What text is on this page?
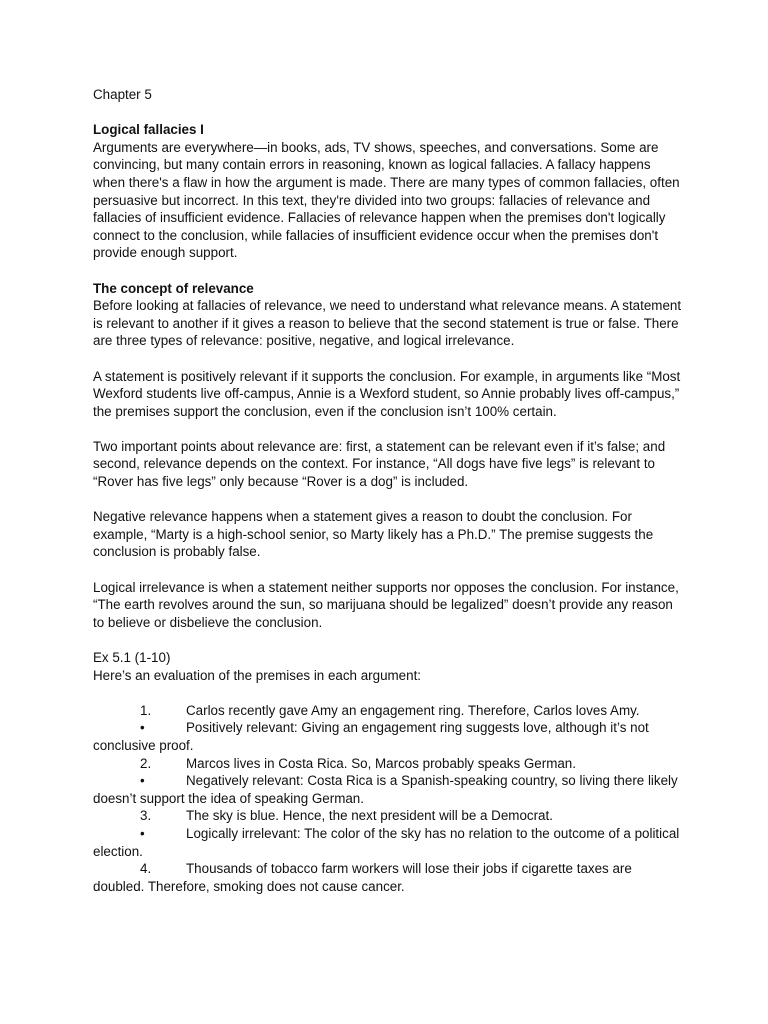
Chapter 5

Logical fallacies I

Arguments are everywhere—in books, ads, TV shows, speeches, and conversations. Some are convincing, but many contain errors in reasoning, known as logical fallacies. A fallacy happens when there's a flaw in how the argument is made. There are many types of common fallacies, often persuasive but incorrect. In this text, they're divided into two groups: fallacies of relevance and fallacies of insufficient evidence. Fallacies of relevance happen when the premises don't logically connect to the conclusion, while fallacies of insufficient evidence occur when the premises don't provide enough support.

The concept of relevance

Before looking at fallacies of relevance, we need to understand what relevance means. A statement is relevant to another if it gives a reason to believe that the second statement is true or false. There are three types of relevance: positive, negative, and logical irrelevance.

A statement is positively relevant if it supports the conclusion. For example, in arguments like “Most Wexford students live off-campus, Annie is a Wexford student, so Annie probably lives off-campus,” the premises support the conclusion, even if the conclusion isn’t 100% certain.

Two important points about relevance are: first, a statement can be relevant even if it’s false; and second, relevance depends on the context. For instance, “All dogs have five legs” is relevant to “Rover has five legs” only because “Rover is a dog” is included.

Negative relevance happens when a statement gives a reason to doubt the conclusion. For example, “Marty is a high-school senior, so Marty likely has a Ph.D.” The premise suggests the conclusion is probably false.

Logical irrelevance is when a statement neither supports nor opposes the conclusion. For instance, “The earth revolves around the sun, so marijuana should be legalized” doesn’t provide any reason to believe or disbelieve the conclusion.

Ex 5.1 (1-10)

Here’s an evaluation of the premises in each argument:

1.	Carlos recently gave Amy an engagement ring. Therefore, Carlos loves Amy.

•	Positively relevant: Giving an engagement ring suggests love, although it’s not conclusive proof.

2.	Marcos lives in Costa Rica. So, Marcos probably speaks German.

•	Negatively relevant: Costa Rica is a Spanish-speaking country, so living there likely doesn’t support the idea of speaking German.

3.	The sky is blue. Hence, the next president will be a Democrat.

•	Logically irrelevant: The color of the sky has no relation to the outcome of a political election.

4.	Thousands of tobacco farm workers will lose their jobs if cigarette taxes are doubled. Therefore, smoking does not cause cancer.
